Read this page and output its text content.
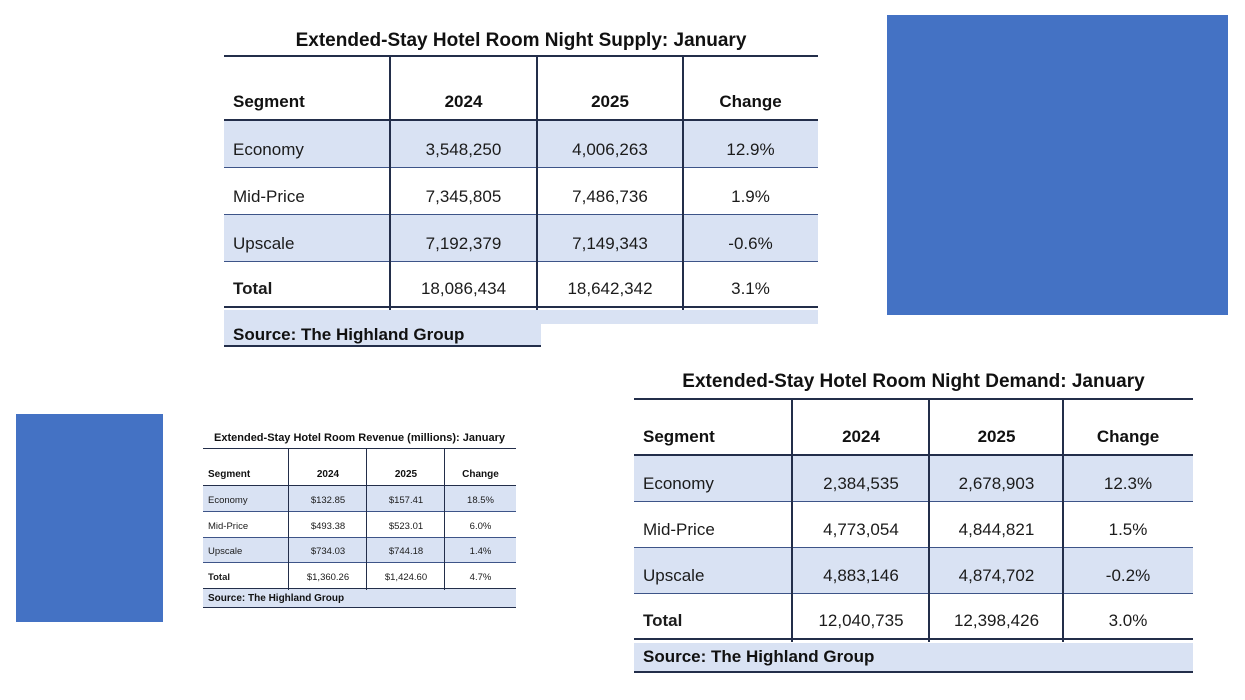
Extended-Stay Hotel Room Night Supply: January
Segment	2024	2025	Change
Economy	3,548,250	4,006,263	12.9%
Mid-Price	7,345,805	7,486,736	1.9%
Upscale	7,192,379	7,149,343	-0.6%
Total	18,086,434	18,642,342	3.1%
Source: The Highland Group
Extended-Stay Hotel Room Night Demand: January
Segment	2024	2025	Change
Economy	2,384,535	2,678,903	12.3%
Mid-Price	4,773,054	4,844,821	1.5%
Upscale	4,883,146	4,874,702	-0.2%
Total	12,040,735	12,398,426	3.0%
Source: The Highland Group
Extended-Stay Hotel Room Revenue (millions): January
Segment	2024	2025	Change
Economy	$132.85	$157.41	18.5%
Mid-Price	$493.38	$523.01	6.0%
Upscale	$734.03	$744.18	1.4%
Total	$1,360.26	$1,424.60	4.7%
Source: The Highland Group
